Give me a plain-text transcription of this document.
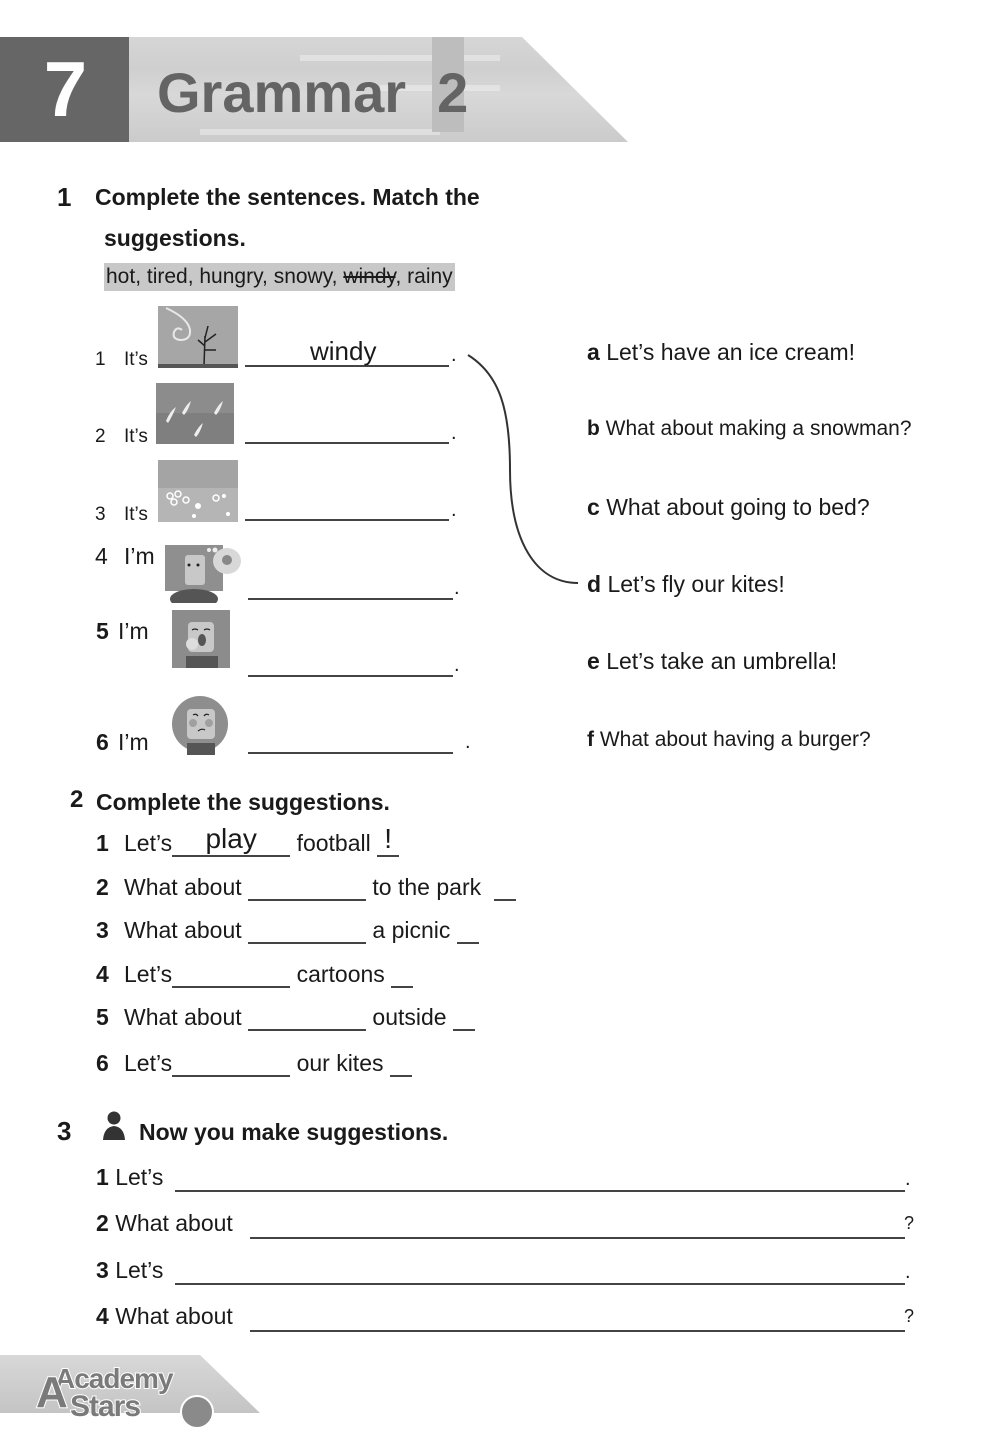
7	Grammar 2
1 Complete the sentences. Match the
suggestions.
hot, tired, hungry, snowy, windy, rainy
1 It’s	windy	.
2 It’s	.
3 It’s	.
4 I’m
.
5 I’m
.
6 I’m	.
a Let’s have an ice cream!
b What about making a snowman?
c What about going to bed?
d Let’s fly our kites!
e Let’s take an umbrella!
f What about having a burger?
2 Complete the suggestions.
1 Let’s	play	football !
2 What about	to the park
3 What about	a picnic
4 Let’s	cartoons
5 What about	outside
6 Let’s	our kites
3	Now you make suggestions.
1 Let’s	.
2 What about	?
3 Let’s	.
4 What about	?
Academy
A Stars
